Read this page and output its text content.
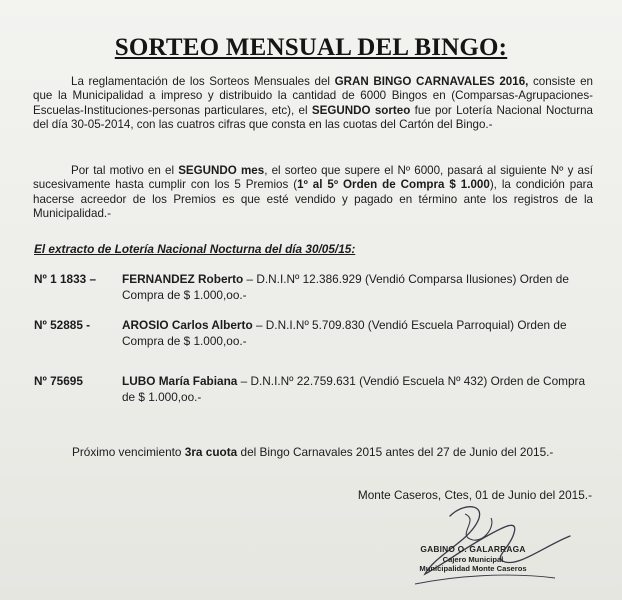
SORTEO MENSUAL DEL BINGO:
La reglamentación de los Sorteos Mensuales del GRAN BINGO CARNAVALES 2016, consiste en que la Municipalidad a impreso y distribuido la cantidad de 6000 Bingos en (Comparsas-Agrupaciones-Escuelas-Instituciones-personas particulares, etc), el SEGUNDO sorteo fue por Lotería Nacional Nocturna del día 30-05-2014, con las cuatros cifras que consta en las cuotas del Cartón del Bingo.-
Por tal motivo en el SEGUNDO mes, el sorteo que supere el Nº 6000, pasará al siguiente Nº y así sucesivamente hasta cumplir con los 5 Premios (1º al 5º Orden de Compra $ 1.000), la condición para hacerse acreedor de los Premios es que esté vendido y pagado en término ante los registros de la Municipalidad.-
El extracto de Lotería Nacional Nocturna del día 30/05/15:
Nº 1 1833 – FERNANDEZ Roberto – D.N.I.Nº 12.386.929 (Vendió Comparsa Ilusiones) Orden de
Compra de $ 1.000,oo.-
Nº 52885 -	AROSIO Carlos Alberto – D.N.I.Nº 5.709.830 (Vendió Escuela Parroquial) Orden de
Compra de $ 1.000,oo.-
Nº 75695	LUBO María Fabiana – D.N.I.Nº 22.759.631 (Vendió Escuela Nº 432) Orden de Compra
de $ 1.000,oo.-
Próximo vencimiento 3ra cuota del Bingo Carnavales 2015 antes del 27 de Junio del 2015.-
Monte Caseros, Ctes, 01 de Junio del 2015.-
GABINO O. GALARRAGA
Cajero Municipal
Municipalidad Monte Caseros
